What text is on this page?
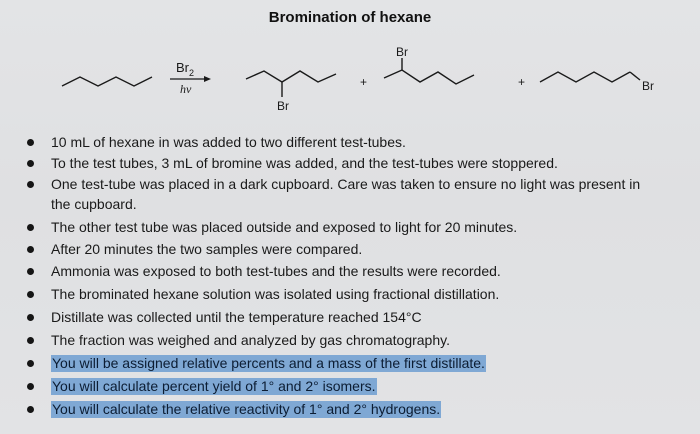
Bromination of hexane
$Br_2$
hv
Br
+
Br
+	Br
10 mL of hexane in was added to two different test-tubes.
To the test tubes, 3 mL of bromine was added, and the test-tubes were stoppered.
One test-tube was placed in a dark cupboard. Care was taken to ensure no light was present in
the cupboard.
The other test tube was placed outside and exposed to light for 20 minutes.
After 20 minutes the two samples were compared.
Ammonia was exposed to both test-tubes and the results were recorded.
The brominated hexane solution was isolated using fractional distillation.
Distillate was collected until the temperature reached 154°C
The fraction was weighed and analyzed by gas chromatography.
You will be assigned relative percents and a mass of the first distillate.
You will calculate percent yield of 1° and 2° isomers.
You will calculate the relative reactivity of 1° and 2° hydrogens.
